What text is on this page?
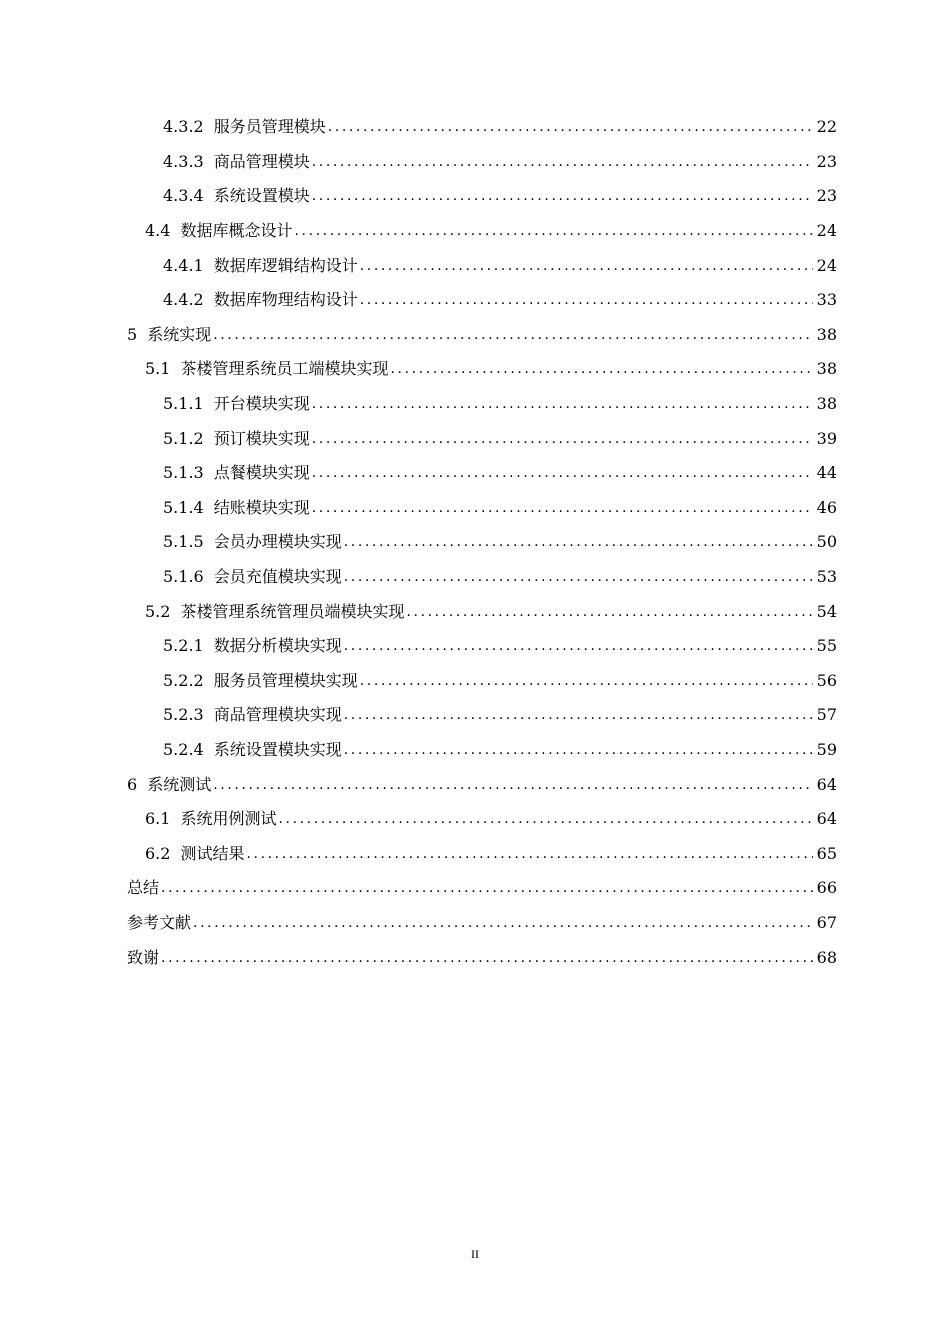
4.3.2 服务员管理模块 .....	22
4.3.3 商品管理模块 .....	23
4.3.4 系统设置模块 .....	23
4.4 数据库概念设计 .....	24
4.4.1 数据库逻辑结构设计 .....	24
4.4.2 数据库物理结构设计 .....	33
5 系统实现 .....	38
5.1 茶楼管理系统员工端模块实现 .....	38
5.1.1 开台模块实现 .....	38
5.1.2 预订模块实现 .....	39
5.1.3 点餐模块实现 .....	44
5.1.4 结账模块实现 .....	46
5.1.5 会员办理模块实现 .....	50
5.1.6 会员充值模块实现 .....	53
5.2 茶楼管理系统管理员端模块实现 .....	54
5.2.1 数据分析模块实现 .....	55
5.2.2 服务员管理模块实现 .....	56
5.2.3 商品管理模块实现 .....	57
5.2.4 系统设置模块实现 .....	59
6 系统测试 .....	64
6.1 系统用例测试 .....	64
6.2 测试结果 .....	65
总结 .....	66
参考文献 .....	67
致谢 .....	68
II
